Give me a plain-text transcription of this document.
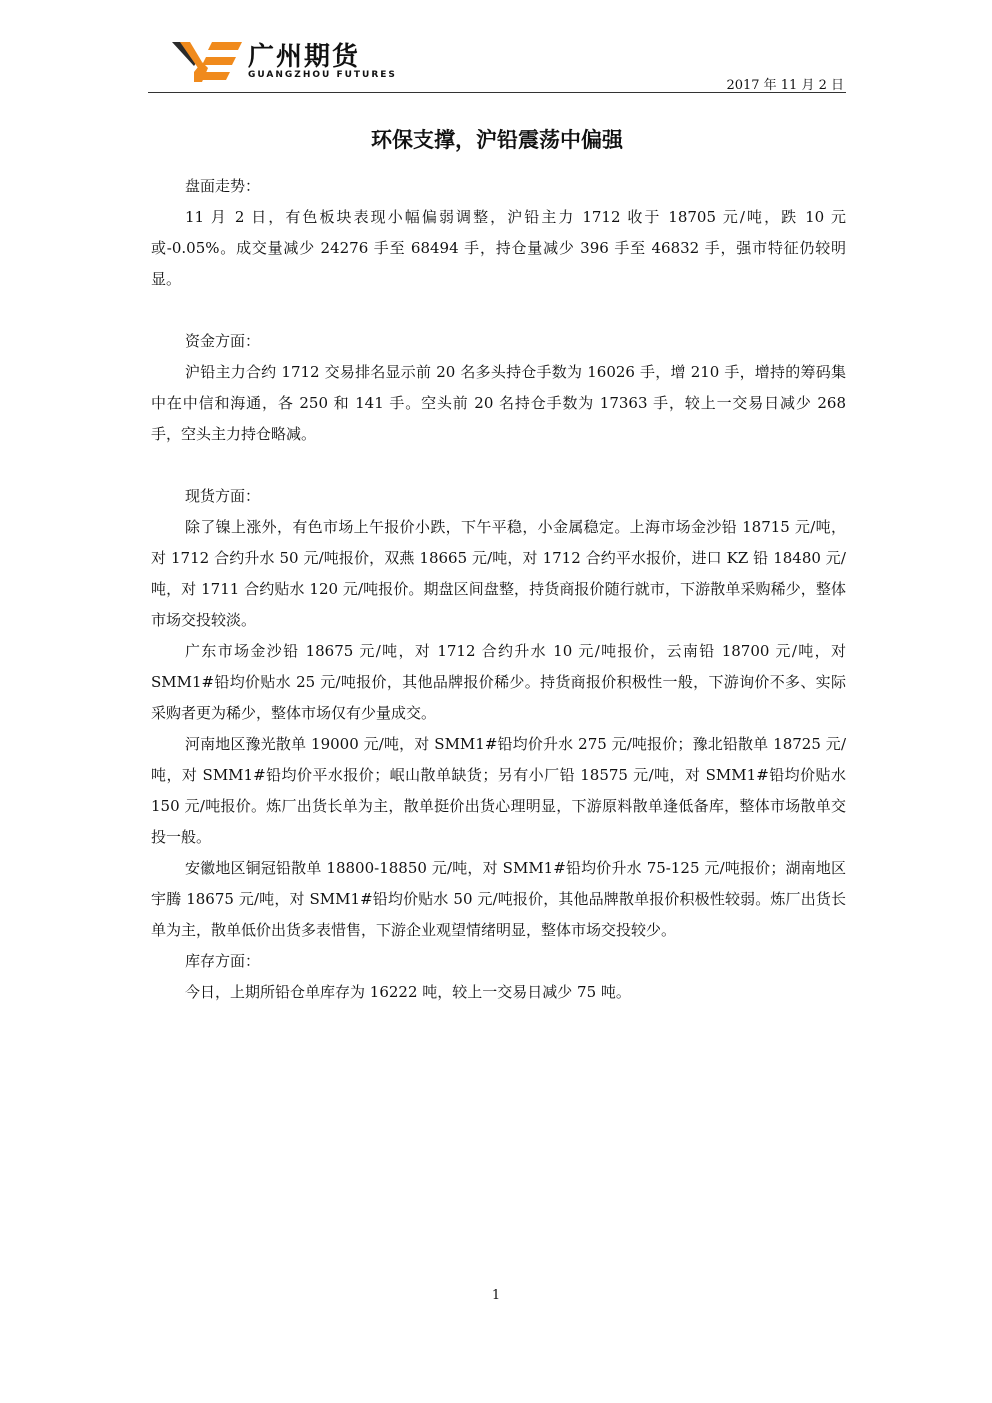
广州期货
GUANGZHOU FUTURES
2017 年 11 月 2 日
环保支撑，沪铅震荡中偏强

盘面走势：

11 月 2 日，有色板块表现小幅偏弱调整，沪铅主力 1712 收于 18705 元/吨，跌 10 元或-0.05%。成交量减少 24276 手至 68494 手，持仓量减少 396 手至 46832 手，强市特征仍较明显。

资金方面：

沪铅主力合约 1712 交易排名显示前 20 名多头持仓手数为 16026 手，增 210 手，增持的筹码集中在中信和海通，各 250 和 141 手。空头前 20 名持仓手数为 17363 手，较上一交易日减少 268 手，空头主力持仓略减。

现货方面：

除了镍上涨外，有色市场上午报价小跌，下午平稳，小金属稳定。上海市场金沙铅 18715 元/吨，对 1712 合约升水 50 元/吨报价，双燕 18665 元/吨，对 1712 合约平水报价，进口 KZ 铅 18480 元/吨，对 1711 合约贴水 120 元/吨报价。期盘区间盘整，持货商报价随行就市，下游散单采购稀少，整体市场交投较淡。

广东市场金沙铅 18675 元/吨，对 1712 合约升水 10 元/吨报价，云南铅 18700 元/吨，对 SMM1#铅均价贴水 25 元/吨报价，其他品牌报价稀少。持货商报价积极性一般，下游询价不多、实际采购者更为稀少，整体市场仅有少量成交。

河南地区豫光散单 19000 元/吨，对 SMM1#铅均价升水 275 元/吨报价；豫北铅散单 18725 元/吨，对 SMM1#铅均价平水报价；岷山散单缺货；另有小厂铅 18575 元/吨，对 SMM1#铅均价贴水 150 元/吨报价。炼厂出货长单为主，散单挺价出货心理明显，下游原料散单逢低备库，整体市场散单交投一般。

安徽地区铜冠铅散单 18800-18850 元/吨，对 SMM1#铅均价升水 75-125 元/吨报价；湖南地区宇腾 18675 元/吨，对 SMM1#铅均价贴水 50 元/吨报价，其他品牌散单报价积极性较弱。炼厂出货长单为主，散单低价出货多表惜售，下游企业观望情绪明显，整体市场交投较少。

库存方面：

今日，上期所铅仓单库存为 16222 吨，较上一交易日减少 75 吨。

1
